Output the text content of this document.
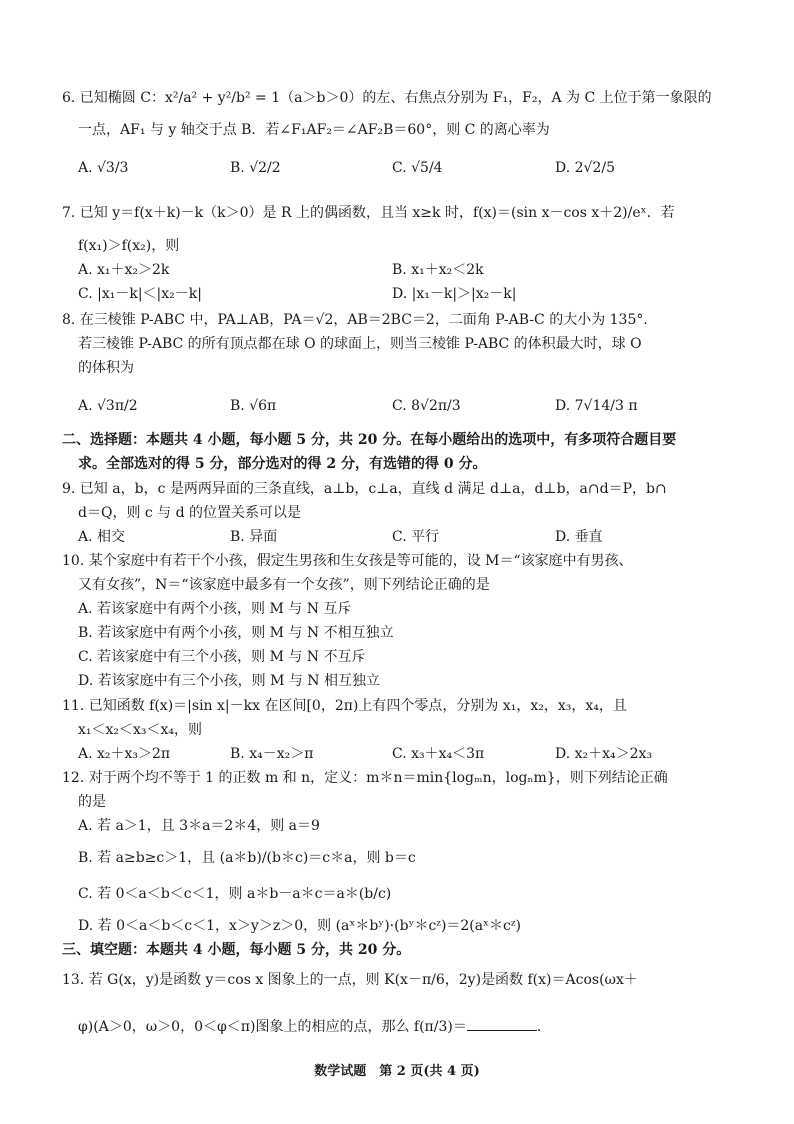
6. 已知椭圆 C：x²/a² + y²/b² = 1（a＞b＞0）的左、右焦点分别为 F₁，F₂，A 为 C 上位于第一象限的
一点，AF₁ 与 y 轴交于点 B．若∠F₁AF₂＝∠AF₂B＝60°，则 C 的离心率为
A. √3/3	B. √2/2	C. √5/4	D. 2√2/5
7. 已知 y＝f(x＋k)－k（k＞0）是 R 上的偶函数，且当 x≥k 时，f(x)＝(sin x－cos x＋2)/eˣ．若
f(x₁)＞f(x₂)，则
A. x₁＋x₂＞2k	B. x₁＋x₂＜2k
C. |x₁－k|＜|x₂－k|	D. |x₁－k|＞|x₂－k|
8. 在三棱锥 P-ABC 中，PA⊥AB，PA＝√2，AB＝2BC＝2，二面角 P-AB-C 的大小为 135°．
若三棱锥 P-ABC 的所有顶点都在球 O 的球面上，则当三棱锥 P-ABC 的体积最大时，球 O
的体积为
A. √3π/2	B. √6π	C. 8√2π/3	D. 7√14/3 π
二、选择题：本题共 4 小题，每小题 5 分，共 20 分。在每小题给出的选项中，有多项符合题目要
求。全部选对的得 5 分，部分选对的得 2 分，有选错的得 0 分。
9. 已知 a，b，c 是两两异面的三条直线，a⊥b，c⊥a，直线 d 满足 d⊥a，d⊥b，a∩d＝P，b∩
d＝Q，则 c 与 d 的位置关系可以是
A. 相交	B. 异面	C. 平行	D. 垂直
10. 某个家庭中有若干个小孩，假定生男孩和生女孩是等可能的，设 M＝“该家庭中有男孩、
又有女孩”，N＝“该家庭中最多有一个女孩”，则下列结论正确的是
A. 若该家庭中有两个小孩，则 M 与 N 互斥
B. 若该家庭中有两个小孩，则 M 与 N 不相互独立
C. 若该家庭中有三个小孩，则 M 与 N 不互斥
D. 若该家庭中有三个小孩，则 M 与 N 相互独立
11. 已知函数 f(x)＝|sin x|－kx 在区间[0，2π)上有四个零点，分别为 x₁，x₂，x₃，x₄，且
x₁＜x₂＜x₃＜x₄，则
A. x₂＋x₃＞2π	B. x₄－x₂＞π	C. x₃＋x₄＜3π	D. x₂＋x₄＞2x₃
12. 对于两个均不等于 1 的正数 m 和 n，定义：m＊n＝min{logₘn，logₙm}，则下列结论正确
的是
A. 若 a＞1，且 3＊a＝2＊4，则 a＝9
B. 若 a≥b≥c＞1，且 (a＊b)/(b＊c)＝c＊a，则 b＝c
C. 若 0＜a＜b＜c＜1，则 a＊b－a＊c＝a＊(b/c)
D. 若 0＜a＜b＜c＜1，x＞y＞z＞0，则 (aˣ＊bʸ)·(bʸ＊cᶻ)＝2(aˣ＊cᶻ)
三、填空题：本题共 4 小题，每小题 5 分，共 20 分。
13. 若 G(x，y)是函数 y＝cos x 图象上的一点，则 K(x－π/6，2y)是函数 f(x)＝Acos(ωx＋
φ)(A＞0，ω＞0，0＜φ＜π)图象上的相应的点，那么 f(π/3)＝	．
数学试题　第 2 页(共 4 页)
